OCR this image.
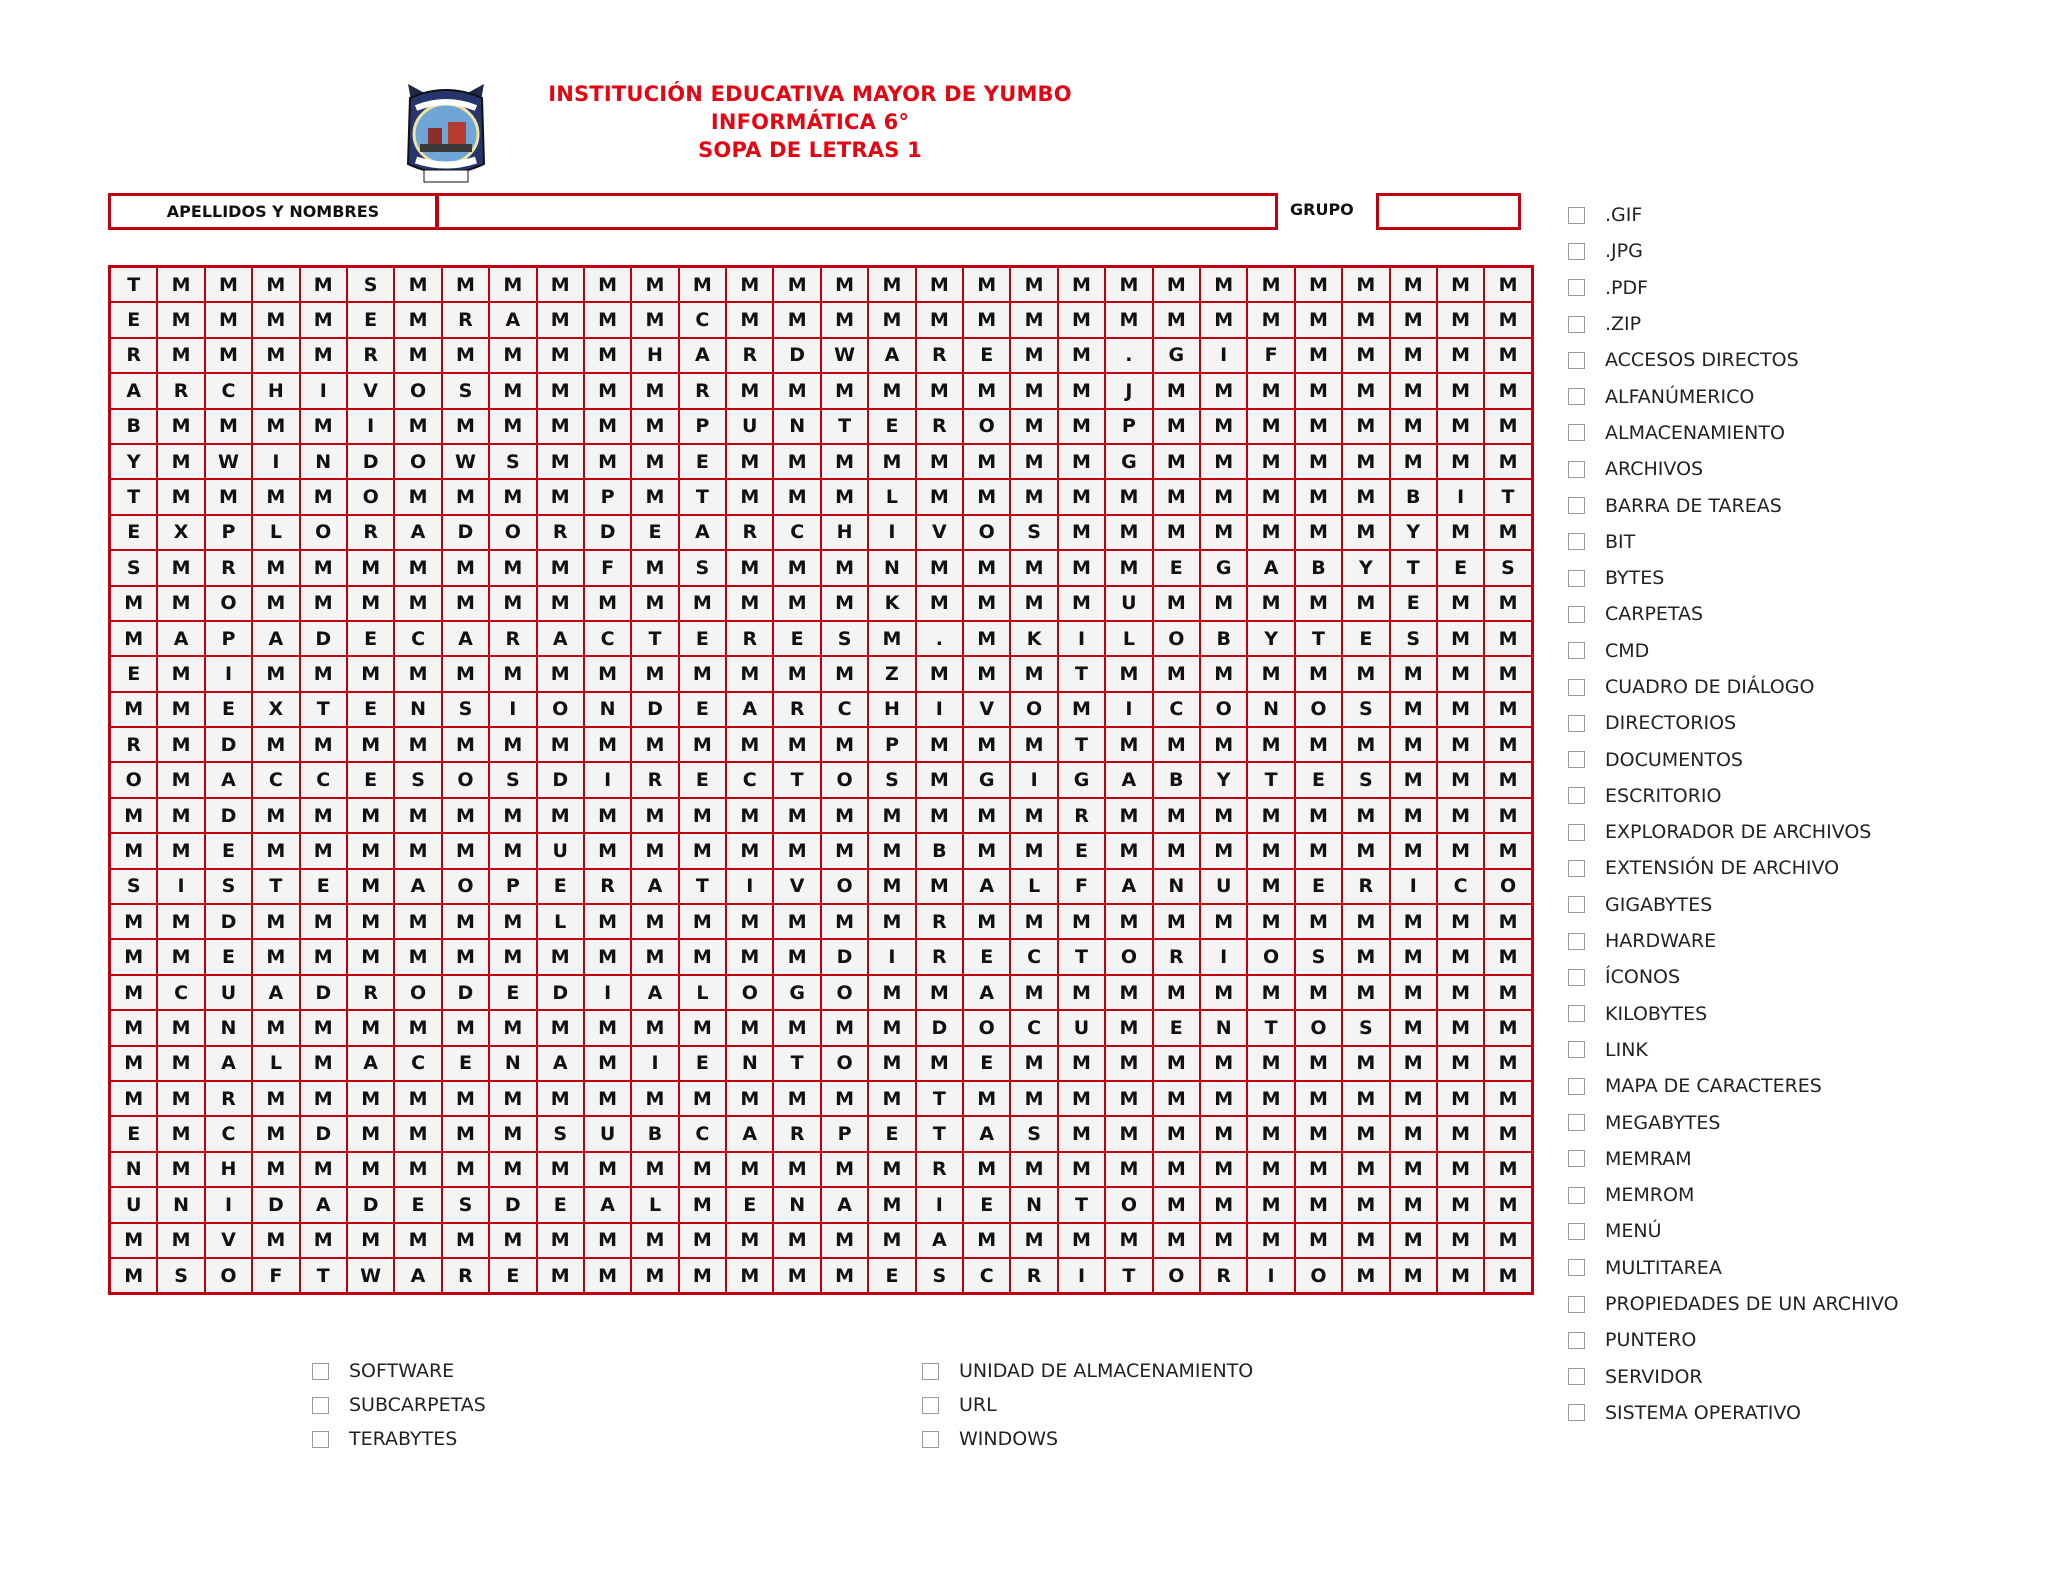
INSTITUCIÓN EDUCATIVA MAYOR DE YUMBO
INFORMÁTICA 6°
SOPA DE LETRAS 1
APELLIDOS Y NOMBRES	GRUPO
T	M	M	M	M	S	M	M	M	M	M	M	M	M	M	M	M	M	M	M	M	M	M	M	M	M	M	M	M	M
E	M	M	M	M	E	M	R	A	M	M	M	C	M	M	M	M	M	M	M	M	M	M	M	M	M	M	M	M	M
R	M	M	M	M	R	M	M	M	M	M	H	A	R	D	W	A	R	E	M	M	.	G	I	F	M	M	M	M	M
A	R	C	H	I	V	O	S	M	M	M	M	R	M	M	M	M	M	M	M	M	J	M	M	M	M	M	M	M	M
B	M	M	M	M	I	M	M	M	M	M	M	P	U	N	T	E	R	O	M	M	P	M	M	M	M	M	M	M	M
Y	M	W	I	N	D	O	W	S	M	M	M	E	M	M	M	M	M	M	M	M	G	M	M	M	M	M	M	M	M
T	M	M	M	M	O	M	M	M	M	P	M	T	M	M	M	L	M	M	M	M	M	M	M	M	M	M	B	I	T
E	X	P	L	O	R	A	D	O	R	D	E	A	R	C	H	I	V	O	S	M	M	M	M	M	M	M	Y	M	M
S	M	R	M	M	M	M	M	M	M	F	M	S	M	M	M	N	M	M	M	M	M	E	G	A	B	Y	T	E	S
M	M	O	M	M	M	M	M	M	M	M	M	M	M	M	M	K	M	M	M	M	U	M	M	M	M	M	E	M	M
M	A	P	A	D	E	C	A	R	A	C	T	E	R	E	S	M	.	M	K	I	L	O	B	Y	T	E	S	M	M
E	M	I	M	M	M	M	M	M	M	M	M	M	M	M	M	Z	M	M	M	T	M	M	M	M	M	M	M	M	M
M	M	E	X	T	E	N	S	I	O	N	D	E	A	R	C	H	I	V	O	M	I	C	O	N	O	S	M	M	M
R	M	D	M	M	M	M	M	M	M	M	M	M	M	M	M	P	M	M	M	T	M	M	M	M	M	M	M	M	M
O	M	A	C	C	E	S	O	S	D	I	R	E	C	T	O	S	M	G	I	G	A	B	Y	T	E	S	M	M	M
M	M	D	M	M	M	M	M	M	M	M	M	M	M	M	M	M	M	M	M	R	M	M	M	M	M	M	M	M	M
M	M	E	M	M	M	M	M	M	U	M	M	M	M	M	M	M	B	M	M	E	M	M	M	M	M	M	M	M	M
S	I	S	T	E	M	A	O	P	E	R	A	T	I	V	O	M	M	A	L	F	A	N	U	M	E	R	I	C	O
M	M	D	M	M	M	M	M	M	L	M	M	M	M	M	M	M	R	M	M	M	M	M	M	M	M	M	M	M	M
M	M	E	M	M	M	M	M	M	M	M	M	M	M	M	D	I	R	E	C	T	O	R	I	O	S	M	M	M	M
M	C	U	A	D	R	O	D	E	D	I	A	L	O	G	O	M	M	A	M	M	M	M	M	M	M	M	M	M	M
M	M	N	M	M	M	M	M	M	M	M	M	M	M	M	M	M	D	O	C	U	M	E	N	T	O	S	M	M	M
M	M	A	L	M	A	C	E	N	A	M	I	E	N	T	O	M	M	E	M	M	M	M	M	M	M	M	M	M	M
M	M	R	M	M	M	M	M	M	M	M	M	M	M	M	M	M	T	M	M	M	M	M	M	M	M	M	M	M	M
E	M	C	M	D	M	M	M	M	S	U	B	C	A	R	P	E	T	A	S	M	M	M	M	M	M	M	M	M	M
N	M	H	M	M	M	M	M	M	M	M	M	M	M	M	M	M	R	M	M	M	M	M	M	M	M	M	M	M	M
U	N	I	D	A	D	E	S	D	E	A	L	M	E	N	A	M	I	E	N	T	O	M	M	M	M	M	M	M	M
M	M	V	M	M	M	M	M	M	M	M	M	M	M	M	M	M	A	M	M	M	M	M	M	M	M	M	M	M	M
M	S	O	F	T	W	A	R	E	M	M	M	M	M	M	M	E	S	C	R	I	T	O	R	I	O	M	M	M	M
.GIF
.JPG
.PDF
.ZIP
ACCESOS DIRECTOS
ALFANÚMERICO
ALMACENAMIENTO
ARCHIVOS
BARRA DE TAREAS
BIT
BYTES
CARPETAS
CMD
CUADRO DE DIÁLOGO
DIRECTORIOS
DOCUMENTOS
ESCRITORIO
EXPLORADOR DE ARCHIVOS
EXTENSIÓN DE ARCHIVO
GIGABYTES
HARDWARE
ÍCONOS
KILOBYTES
LINK
MAPA DE CARACTERES
MEGABYTES
MEMRAM
MEMROM
MENÚ
MULTITAREA
PROPIEDADES DE UN ARCHIVO
PUNTERO
SERVIDOR
SISTEMA OPERATIVO
SOFTWARE
SUBCARPETAS
TERABYTES
UNIDAD DE ALMACENAMIENTO
URL
WINDOWS
